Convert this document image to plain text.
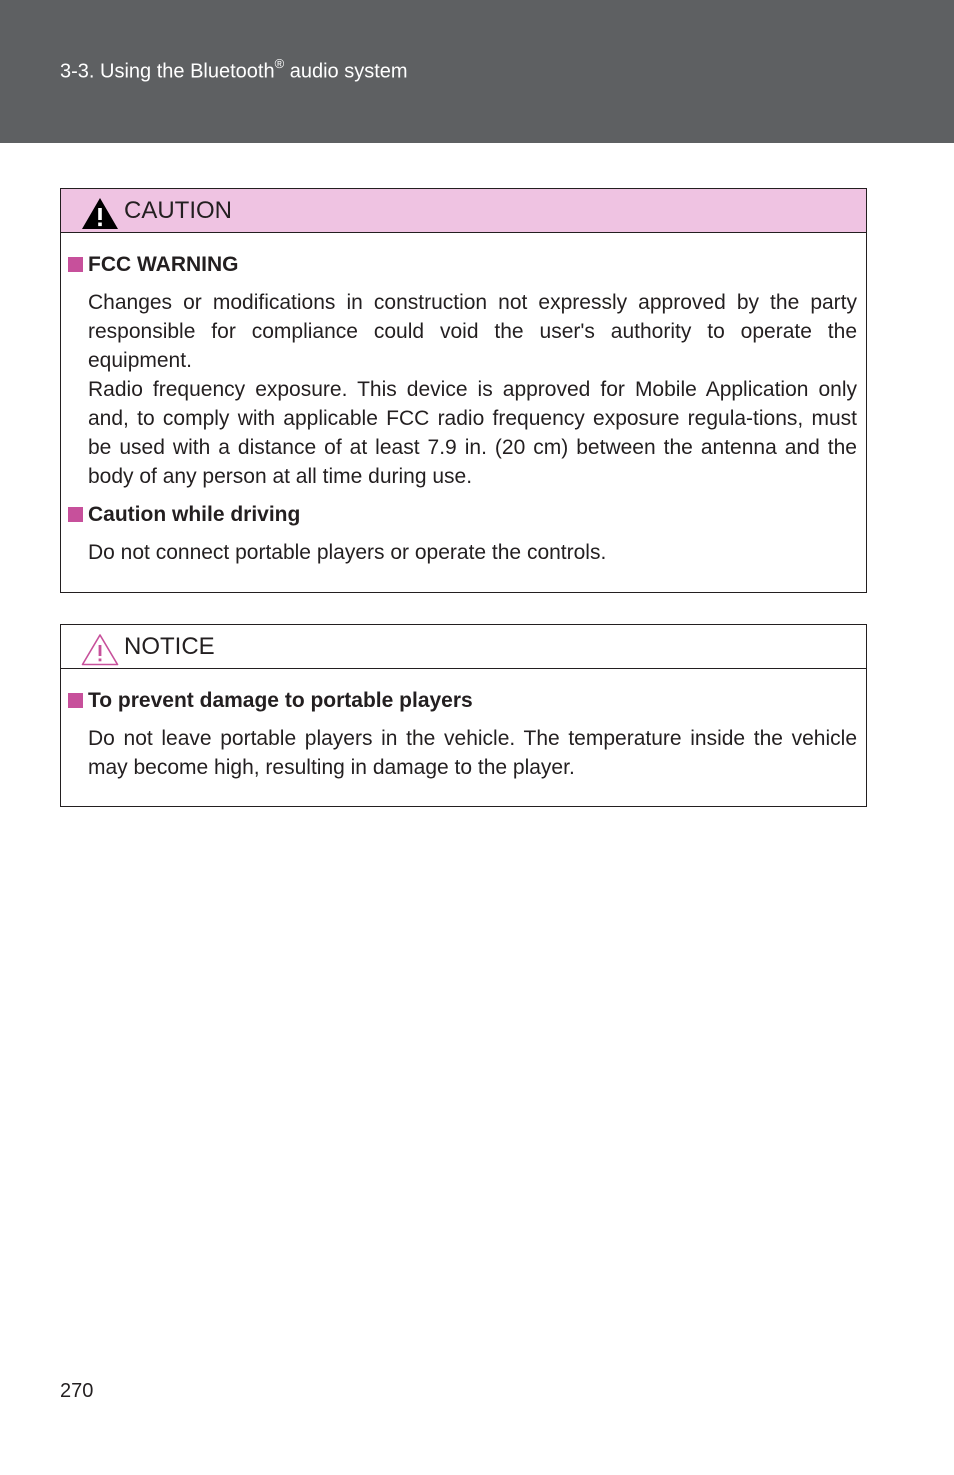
3-3. Using the Bluetooth® audio system
CAUTION
FCC WARNING
Changes or modifications in construction not expressly approved by the party responsible for compliance could void the user's authority to operate the equipment.
Radio frequency exposure. This device is approved for Mobile Application only and, to comply with applicable FCC radio frequency exposure regula-tions, must be used with a distance of at least 7.9 in. (20 cm) between the antenna and the body of any person at all time during use.
Caution while driving
Do not connect portable players or operate the controls.
NOTICE
To prevent damage to portable players
Do not leave portable players in the vehicle. The temperature inside the vehicle may become high, resulting in damage to the player.
270
